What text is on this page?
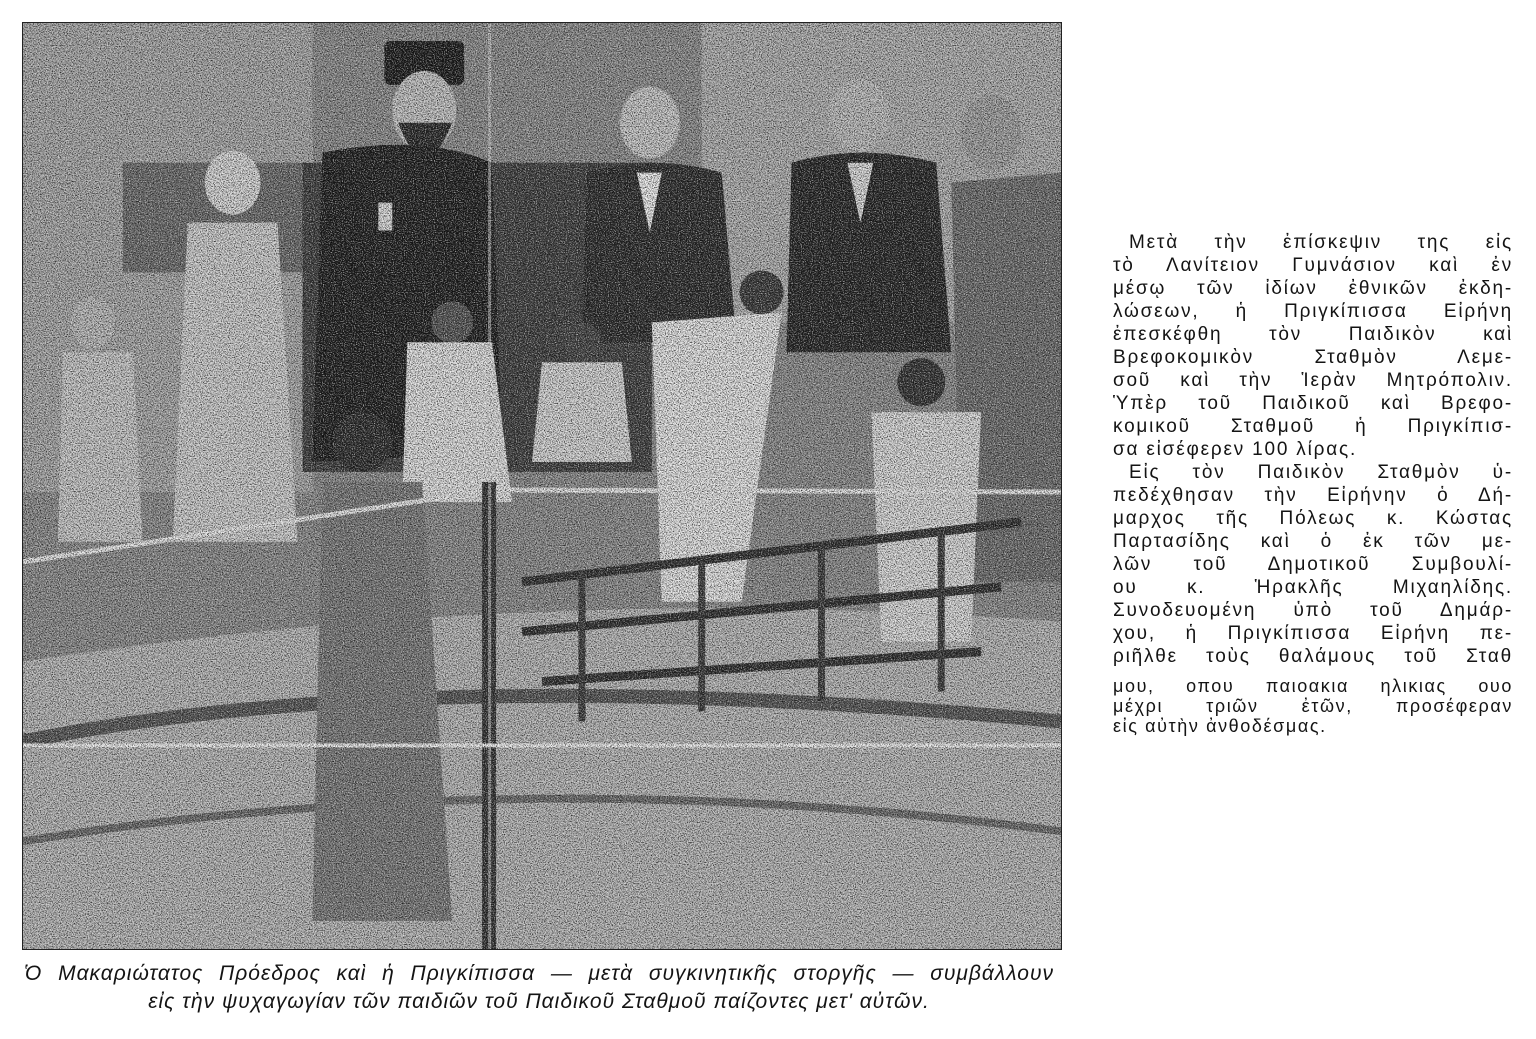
Ὁ Μακαριώτατος Πρόεδρος καὶ ἡ Πριγκίπισσα — μετὰ συγκινητικῆς στοργῆς — συμβάλλουν
εἰς τὴν ψυχαγωγίαν τῶν παιδιῶν τοῦ Παιδικοῦ Σταθμοῦ παίζοντες μετ' αὐτῶν.
Μετὰ τὴν ἐπίσκεψιν της εἰς
τὸ Λανίτειον Γυμνάσιον καὶ ἐν
μέσῳ τῶν ἰδίων ἐθνικῶν ἐκδη-
λώσεων, ἡ Πριγκίπισσα Εἰρήνη
ἐπεσκέφθη τὸν Παιδικὸν καὶ
Βρεφοκομικὸν Σταθμὸν Λεμε-
σοῦ καὶ τὴν Ἱερὰν Μητρόπολιν.
Ὑπὲρ τοῦ Παιδικοῦ καὶ Βρεφο-
κομικοῦ Σταθμοῦ ἡ Πριγκίπισ-
σα εἰσέφερεν 100 λίρας.
Εἰς τὸν Παιδικὸν Σταθμὸν ὑ-
πεδέχθησαν τὴν Εἰρήνην ὁ Δή-
μαρχος τῆς Πόλεως κ. Κώστας
Παρτασίδης καὶ ὁ ἐκ τῶν με-
λῶν τοῦ Δημοτικοῦ Συμβουλί-
ου κ. Ἡρακλῆς Μιχαηλίδης.
Συνοδευομένη ὑπὸ τοῦ Δημάρ-
χου, ἡ Πριγκίπισσα Εἰρήνη πε-
ριῆλθε τοὺς θαλάμους τοῦ Σταθ
μου, οπου παιοακια ηλικιας ουο
μέχρι τριῶν ἐτῶν, προσέφεραν
εἰς αὐτὴν ἀνθοδέσμας.
